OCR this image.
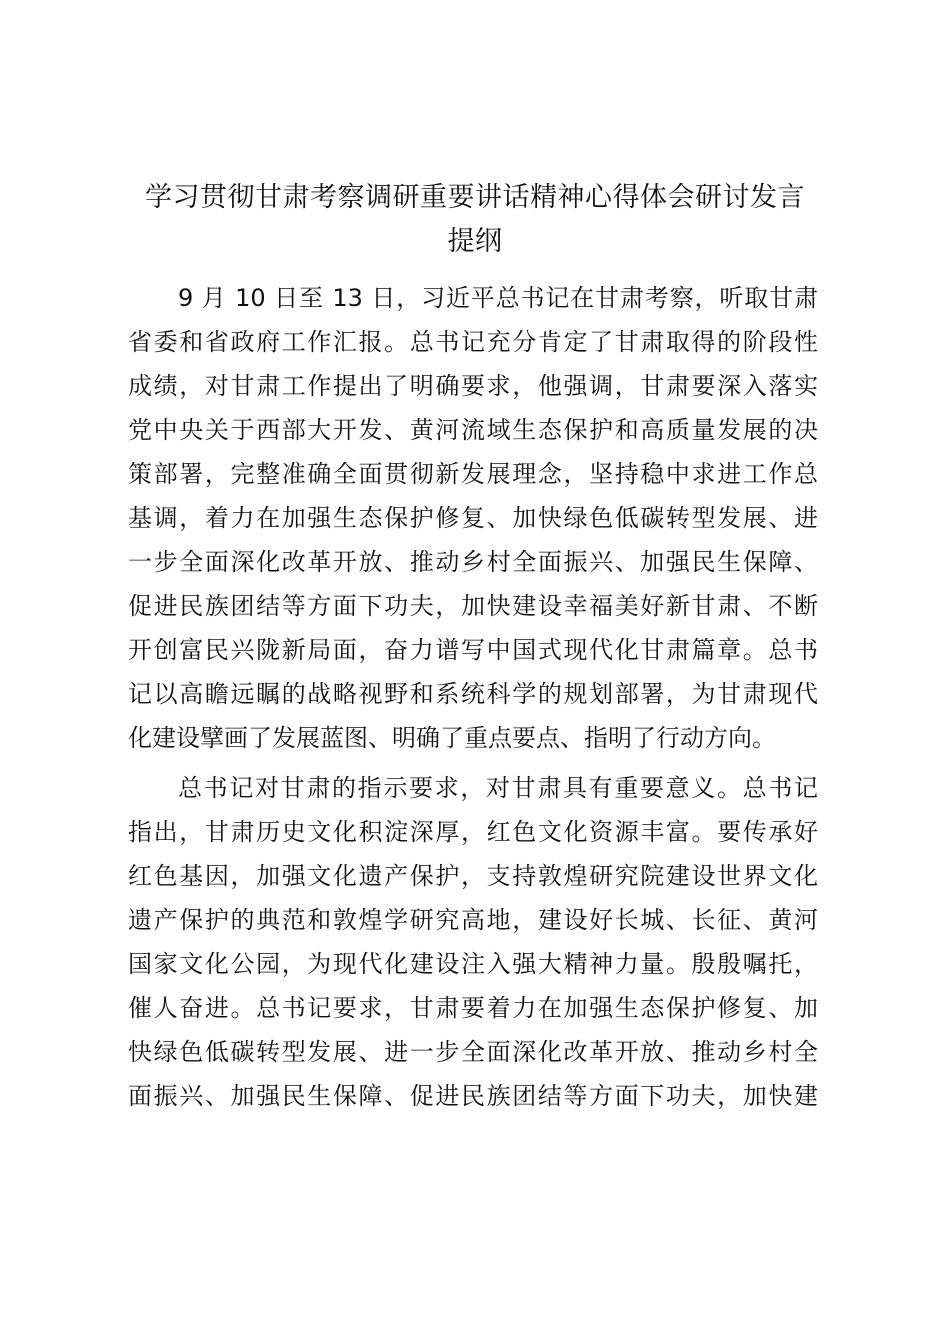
学习贯彻甘肃考察调研重要讲话精神心得体会研讨发言
提纲
9 月 10 日至 13 日，习近平总书记在甘肃考察，听取甘肃
省委和省政府工作汇报。总书记充分肯定了甘肃取得的阶段性
成绩，对甘肃工作提出了明确要求，他强调，甘肃要深入落实
党中央关于西部大开发、黄河流域生态保护和高质量发展的决
策部署，完整准确全面贯彻新发展理念，坚持稳中求进工作总
基调，着力在加强生态保护修复、加快绿色低碳转型发展、进
一步全面深化改革开放、推动乡村全面振兴、加强民生保障、
促进民族团结等方面下功夫，加快建设幸福美好新甘肃、不断
开创富民兴陇新局面，奋力谱写中国式现代化甘肃篇章。总书
记以高瞻远瞩的战略视野和系统科学的规划部署，为甘肃现代
化建设擘画了发展蓝图、明确了重点要点、指明了行动方向。
总书记对甘肃的指示要求，对甘肃具有重要意义。总书记
指出，甘肃历史文化积淀深厚，红色文化资源丰富。要传承好
红色基因，加强文化遗产保护，支持敦煌研究院建设世界文化
遗产保护的典范和敦煌学研究高地，建设好长城、长征、黄河
国家文化公园，为现代化建设注入强大精神力量。殷殷嘱托，
催人奋进。总书记要求，甘肃要着力在加强生态保护修复、加
快绿色低碳转型发展、进一步全面深化改革开放、推动乡村全
面振兴、加强民生保障、促进民族团结等方面下功夫，加快建
